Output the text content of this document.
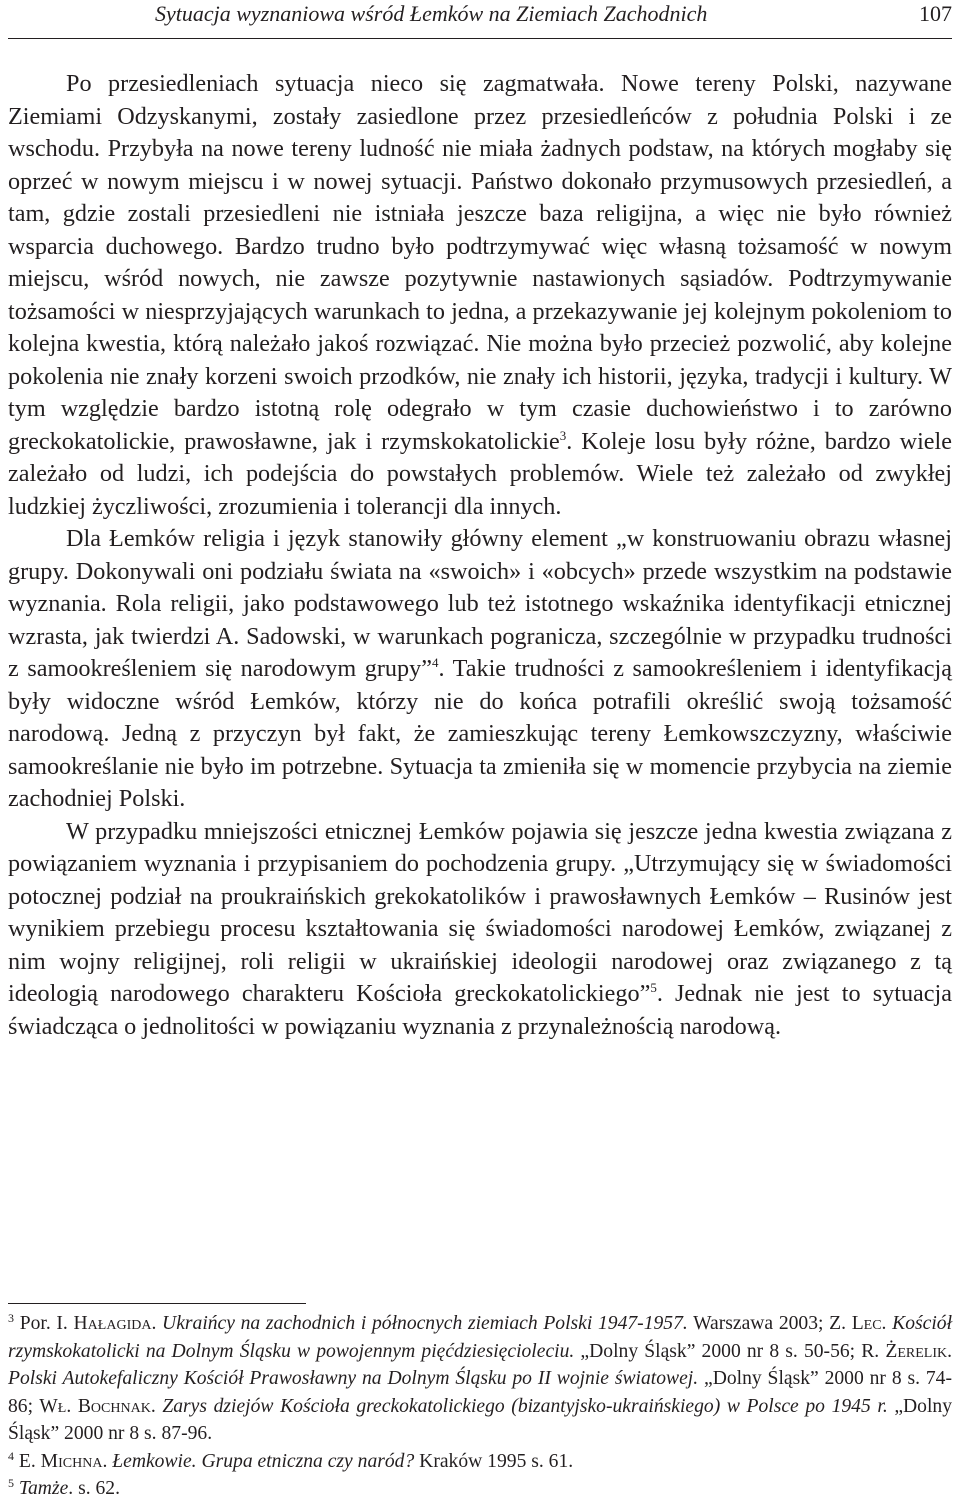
Sytuacja wyznaniowa wśród Łemków na Ziemiach Zachodnich	107

Po przesiedleniach sytuacja nieco się zagmatwała. Nowe tereny Polski, nazywane Ziemiami Odzyskanymi, zostały zasiedlone przez przesiedleńców z południa Polski i ze wschodu. Przybyła na nowe tereny ludność nie miała żadnych podstaw, na których mogłaby się oprzeć w nowym miejscu i w nowej sytuacji. Państwo dokonało przymusowych przesiedleń, a tam, gdzie zostali przesiedleni nie istniała jeszcze baza religijna, a więc nie było również wsparcia duchowego. Bardzo trudno było podtrzymywać więc własną tożsamość w nowym miejscu, wśród nowych, nie zawsze pozytywnie nastawionych sąsiadów. Podtrzymywanie tożsamości w niesprzyjających warunkach to jedna, a przekazywanie jej kolejnym pokoleniom to kolejna kwestia, którą należało jakoś rozwiązać. Nie można było przecież pozwolić, aby kolejne pokolenia nie znały korzeni swoich przodków, nie znały ich historii, języka, tradycji i kultury. W tym względzie bardzo istotną rolę odegrało w tym czasie duchowieństwo i to zarówno greckokatolickie, prawosławne, jak i rzymskokatolickie$^3$. Koleje losu były różne, bardzo wiele zależało od ludzi, ich podejścia do powstałych problemów. Wiele też zależało od zwykłej ludzkiej życzliwości, zrozumienia i tolerancji dla innych.

Dla Łemków religia i język stanowiły główny element „w konstruowaniu obrazu własnej grupy. Dokonywali oni podziału świata na «swoich» i «obcych» przede wszystkim na podstawie wyznania. Rola religii, jako podstawowego lub też istotnego wskaźnika identyfikacji etnicznej wzrasta, jak twierdzi A. Sadowski, w warunkach pogranicza, szczególnie w przypadku trudności z samookreśleniem się narodowym grupy”$^4$. Takie trudności z samookreśleniem i identyfikacją były widoczne wśród Łemków, którzy nie do końca potrafili określić swoją tożsamość narodową. Jedną z przyczyn był fakt, że zamieszkując tereny Łemkowszczyzny, właściwie samookreślanie nie było im potrzebne. Sytuacja ta zmieniła się w momencie przybycia na ziemie zachodniej Polski.

W przypadku mniejszości etnicznej Łemków pojawia się jeszcze jedna kwestia związana z powiązaniem wyznania i przypisaniem do pochodzenia grupy. „Utrzymujący się w świadomości potocznej podział na proukraińskich grekokatolików i prawosławnych Łemków – Rusinów jest wynikiem przebiegu procesu kształtowania się świadomości narodowej Łemków, związanej z nim wojny religijnej, roli religii w ukraińskiej ideologii narodowej oraz związanego z tą ideologią narodowego charakteru Kościoła greckokatolickiego”$^5$. Jednak nie jest to sytuacja świadcząca o jednolitości w powiązaniu wyznania z przynależnością narodową.

$^3$ Por. I. Hałagida. Ukraińcy na zachodnich i północnych ziemiach Polski 1947-1957. Warszawa 2003; Z. Lec. Kościół rzymskokatolicki na Dolnym Śląsku w powojennym pięćdziesięcioleciu. „Dolny Śląsk” 2000 nr 8 s. 50-56; R. Żerelik. Polski Autokefaliczny Kościół Prawosławny na Dolnym Śląsku po II wojnie światowej. „Dolny Śląsk” 2000 nr 8 s. 74-86; Wł. Bochnak. Zarys dziejów Kościoła greckokatolickiego (bizantyjsko-ukraińskiego) w Polsce po 1945 r. „Dolny Śląsk” 2000 nr 8 s. 87-96.

$^4$ E. Michna. Łemkowie. Grupa etniczna czy naród? Kraków 1995 s. 61.

$^5$ Tamże. s. 62.
